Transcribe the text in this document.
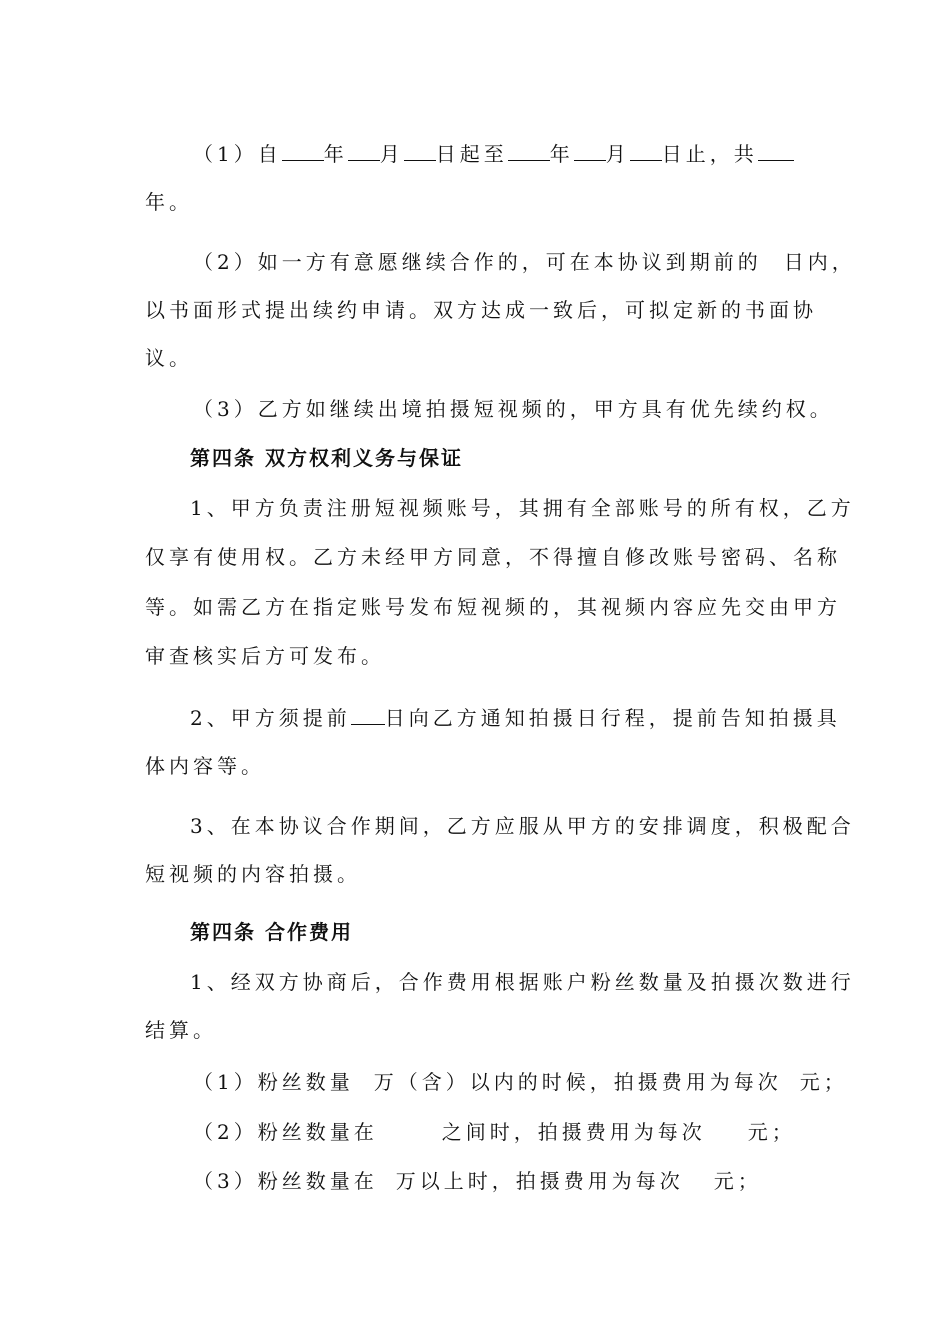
（1）自 年 月 日起至 年 月 日止，共

年。

（2）如一方有意愿继续合作的，可在本协议到期前的 日内，

以书面形式提出续约申请。双方达成一致后，可拟定新的书面协

议。

（3）乙方如继续出境拍摄短视频的，甲方具有优先续约权。

第四条 双方权利义务与保证

1、甲方负责注册短视频账号，其拥有全部账号的所有权，乙方

仅享有使用权。乙方未经甲方同意，不得擅自修改账号密码、名称

等。如需乙方在指定账号发布短视频的，其视频内容应先交由甲方

审查核实后方可发布。

2、甲方须提前 日向乙方通知拍摄日行程，提前告知拍摄具

体内容等。

3、在本协议合作期间，乙方应服从甲方的安排调度，积极配合

短视频的内容拍摄。

第四条 合作费用

1、经双方协商后，合作费用根据账户粉丝数量及拍摄次数进行

结算。

（1）粉丝数量 万（含）以内的时候，拍摄费用为每次 元；

（2）粉丝数量在	之间时，拍摄费用为每次 元；

（3）粉丝数量在 万以上时，拍摄费用为每次 元；
